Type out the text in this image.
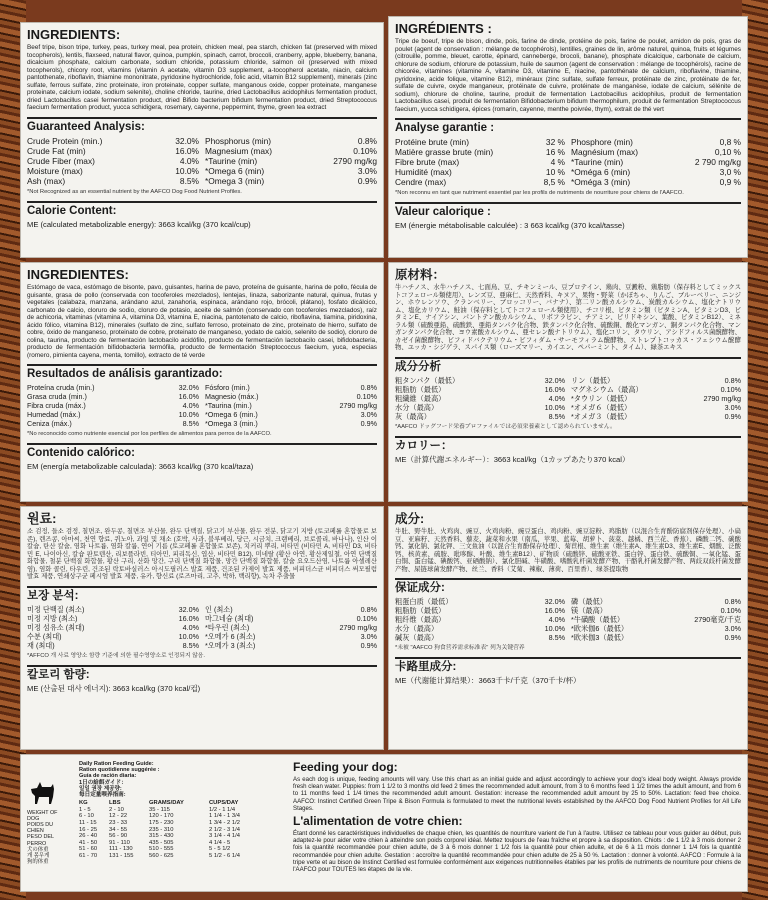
INGREDIENTS:
Beef tripe, bison tripe, turkey, peas, turkey meal, pea protein, chicken meal, pea starch, chicken fat (preserved with mixed tocopherols), lentils, flaxseed, natural flavor, quinoa, pumpkin, spinach, carrot, broccoli, cranberry, apple, blueberry, banana, dicalcium phosphate, calcium carbonate, sodium chloride, potassium chloride, salmon oil (preserved with mixed tocopherols), chicory root, vitamins (vitamin A acetate, vitamin D3 supplement, a-tocopherol acetate, niacin, calcium pantothenate, riboflavin, thiamine mononitrate, pyridoxine hydrochloride, folic acid, vitamin B12 supplement), minerals (zinc sulfate, ferrous sulfate, zinc proteinate, iron proteinate, copper sulfate, manganous oxide, copper proteinate, manganese proteinate, calcium iodate, sodium selenite), choline chloride, taurine, dried Lactobacillus acidophilus fermentation product, dried Lactobacillus casei fermentation product, dried Bifido bacterium bifidum fermentation product, dried Streptococcus faecium fermentation product, yucca schidigera, rosemary, cayenne, peppermint, thyme, green tea extract
Guaranteed Analysis:
Crude Protein (min.)	32.0%
Crude Fat (min)	16.0%
Crude Fiber (max)	4.0%
Moisture (max)	10.0%
Ash (max)	8.5%
Phosphorus (min)	0.8%
Magnesium (max)	0.10%
*Taurine (min)	2790 mg/kg
*Omega 6 (min)	3.0%
*Omega 3 (min)	0.9%
*Not Recognized as an essential nutrient by the AAFCO Dog Food Nutrient Profiles.
Calorie Content:
ME (calculated metabolizable energy): 3663 kcal/kg (370 kcal/cup)
INGRÉDIENTS :
Tripe de boeuf, tripe de bison, dinde, pois, farine de dinde, protéine de pois, farine de poulet, amidon de pois, gras de poulet (agent de conservation : mélange de tocophérols), lentilles, graines de lin, arôme naturel, quinoa, fruits et légumes (citrouille, pomme, bleuet, carotte, épinard, canneberge, brocoli, banane), phosphate dicalcique, carbonate de calcium, chlorure de sodium, chlorure de potassium, huile de saumon (agent de conservation : mélange de tocophérols), racine de chicorée, vitamines (vitamine A, vitamine D3, vitamine E, niacine, pantothénate de calcium, riboflavine, thiamine, pyridoxine, acide folique, vitamine B12), minéraux (zinc sulfate, sulfate ferreux, protéinate de zinc, protéinate de fer, sulfate de cuivre, oxyde manganeux, protéinate de cuivre, protéinate de manganèse, iodate de calcium, sélénite de sodium), chlorure de choline, taurine, produit de fermentation Lactobacillus acidophilus, produit de fermentation Lactobacillus casei, produit de fermentation Bifidobacterium bifidum thermophilum, produit de fermentation Streptococcus faecium, yucca schidigera, épices (romarin, cayenne, menthe poivrée, thym), extrait de thé vert
Analyse garantie :
Protéine brute (min)	32 %
Matière grasse brute (min)	16 %
Fibre brute (max)	4 %
Humidité (max)	10 %
Cendre (max)	8,5 %
Phosphore (min)	0,8 %
Magnésium (max)	0,10 %
*Taurine (min)	2 790 mg/kg
*Oméga 6 (min)	3,0 %
*Oméga 3 (min)	0,9 %
*Non reconnu en tant que nutriment essentiel par les profils de nutriments de nourriture pour chiens de l'AAFCO.
Valeur calorique :
EM (énergie métabolisable calculée) : 3 663 kcal/kg (370 kcal/tasse)
INGREDIENTES:
Estómago de vaca, estómago de bisonte, pavo, guisantes, harina de pavo, proteína de guisante, harina de pollo, fécula de guisante, grasa de pollo (conservada con tocoferoles mezclados), lentejas, linaza, saborizante natural, quinua, frutas y vegetales (calabaza, manzana, arándano azul, zanahoria, espinaca, arándano rojo, brócoli, plátano), fosfato dicálcico, carbonato de calcio, cloruro de sodio, cloruro de potasio, aceite de salmón (conservado con tocoferoles mezclados), raíz de achicoria, vitaminas (vitamina A, vitamina D3, vitamina E, niacina, pantotenato de calcio, riboflavina, tiamina, piridoxina, ácido fólico, vitamina B12), minerales (sulfato de zinc, sulfato ferroso, proteinato de zinc, proteinato de hierro, sulfato de cobre, óxido de manganeso, proteinato de cobre, proteinato de manganeso, yodato de calcio, selenito de sodio), cloruro de colina, taurina, producto de fermentación lactobacilo acidófilo, producto de fermentación lactobacilo casei, bifidobacteria, producto de fermentación bifidobacteria termófila, producto de fermentación Streptococcus faecium, yuca, especias (romero, pimienta cayena, menta, tomillo), extracto de té verde
Resultados de análisis garantizado:
Proteína cruda (min.)	32.0%
Grasa cruda (min.)	16.0%
Fibra cruda (máx.)	4.0%
Humedad (máx.)	10.0%
Ceniza (máx.)	8.5%
Fósforo (min.)	0.8%
Magnesio (máx.)	0.10%
*Taurina (min.)	2790 mg/kg
*Omega 6 (min.)	3.0%
*Omega 3 (min.)	0.9%
*No reconocido como nutriente esencial por los perfiles de alimentos para perros de la AAFCO.
Contenido calórico:
EM (energía metabolizable calculada): 3663 kcal/kg (370 kcal/taza)
原材料：
牛ハチノス、水牛ハチノス、七面鳥、豆、チキンミール、豆プロテイン、鶏肉、豆澱粉、鶏脂肪（保存料としてミックストコフェロール類使用）、レンズ豆、亜麻仁、天然香料、キヌア、果物・野菜（かぼちゃ、りんご、ブルーベリー、ニンジン、ホウレンソウ、クランベリー、ブロッコリー、バナナ）、第二リン酸カルシウム、炭酸カルシウム、塩化ナトリウム、塩化カリウム、鮭油（保存料としてトコフェロール類使用）、チコリ根、ビタミン類（ビタミンA、ビタミンD3、ビタミンE、ナイアシン、パントテン酸カルシウム、リボフラビン、チアミン、ピリドキシン、葉酸、ビタミンB12）、ミネラル類（硫酸亜鉛、硫酸鉄、亜鉛タンパク化合物、鉄タンパク化合物、硫酸銅、酸化マンガン、銅タンパク化合物、マンガンタンパク化合物、ヨウ素酸カルシウム、亜セレン酸ナトリウム）、塩化コリン、タウリン、アシドフィルス菌醗酵物、カゼイ菌醗酵物、ビフィドバクテリウム・ビフィダム・サーモフィラム醗酵物、ストレプトコッカス・フェシウム醗酵物、ユッカ・シジゲラ、スパイス類（ローズマリー、カイエン、ペパーミント、タイム）、緑茶エキス
成分分析
粗タンパク（最低）	32.0%
粗脂肪（最低）	16.0%
粗繊維（最高）	4.0%
水分（最高）	10.0%
灰（最高）	8.5%
リン（最低）	0.8%
マグネシウム（最高）	0.10%
*タウリン（最低）	2790 mg/kg
*オメガ６（最低）	3.0%
*オメガ３（最低）	0.9%
*AAFCO ドッグフード栄養プロファイルでは必須栄養素として認められていません。
カロリー：
ME（計算代謝エネルギー）：3663 kcal/kg（1カップあたり370 kcal）
원료:
소 검정, 들소 검정, 칠면조, 완두콩, 칠면조 부산물, 완두 단백질, 닭고기 부산물, 완두 전분, 닭고기 지방 (토코페롤 혼합물로 보존), 렌즈콩, 아마씨, 천연 향료, 퀴노아, 과일 및 채소 (호박, 사과, 블루베리, 당근, 시금치, 크랜베리, 브로콜리, 바나나), 인산 이칼슘, 탄산 칼슘, 염화 나트륨, 염화 칼륨, 연어 기름 (토코페롤 혼합물로 보존), 치커리 뿌리, 비타민 (비타민 A, 비타민 D3, 비타민 E, 나이아신, 칼슘 판토텐산, 리보플라빈, 티아민, 피리독신, 엽산, 비타민 B12), 미네랄 (황산 아연, 황산제일철, 아연 단백질 화합물, 철분 단백질 화합물, 황산 구리, 산화 망간, 구리 단백질 화합물, 망간 단백질 화합물, 칼슘 요오드산염, 나트륨 아셀레산염), 염화 콜린, 타우린, 건조된 락토바실러스 아시도필러스 발효 제품, 건조된 카제이 발효 제품, 비피더스균 비피더스 써모필럼 발효 제품, 연쇄상구균 페시엄 발효 제품, 유카, 향신료 (로즈마리, 고추, 박하, 백리향), 녹차 추출물
보장 분석:
미정 단백질 (최소)	32.0%
미정 지방 (최소)	16.0%
미정 섬유소 (최대)	4.0%
수분 (최대)	10.0%
재 (최대)	8.5%
인 (최소)	0.8%
마그네슘 (최대)	0.10%
*타우린 (최소)	2790 mg/kg
*오메가 6 (최소)	3.0%
*오메가 3 (최소)	0.9%
*AFFCO 개 사료 영양소 함량 기준에 의한 필수영양소로 인정되지 않음.
칼로리 함량:
ME (산출된 대사 에너지): 3663 kcal/kg (370 kcal/컵)
成分:
牛肚、野牛肚、火鸡肉、豌豆、火鸡肉粉、豌豆蛋白、鸡肉粉、豌豆淀粉、鸡脂肪（以混合生育酚防腐剂保存处理）、小扁豆、亚麻籽、天然香料、藜麦、蔬菜和水果（南瓜、苹果、蓝莓、胡萝卜、菠菜、越橘、西兰花、香蕉）、磷酸二钙、碳酸钙、氯化钠、氯化钾、三文鱼油（以混合生育酚保存处理）、菊苣根、维生素（维生素A、维生素D3、维生素E、烟酸、泛酸钙、核黄素、硫胺、吡哆醇、叶酸、维生素B12）、矿物质（硫酸锌、硫酸亚铁、蛋白锌、蛋白铁、硫酸铜、一氧化锰、蛋白铜、蛋白锰、碘酸钙、亚硒酸钠）、氯化胆碱、牛磺酸、嗜酸乳杆菌发酵产物、干酪乳杆菌发酵产物、两歧双歧杆菌发酵产物、屎链球菌发酵产物、丝兰、香料（艾菊、辣椒、薄荷、百里香）、绿茶提取物
保证成分:
粗蛋白质（最低）	32.0%
粗脂肪（最低）	16.0%
粗纤维（最高）	4.0%
水分（最高）	10.0%
碱灰（最高）	8.5%
磷（最低）	0.8%
镁（最高）	0.10%
*牛磺酸（最低）	2790毫克/千克
*欧米伽6（最低）	3.0%
*欧米伽3（最低）	0.9%
*未被 "AAFCO 狗食营养需求标准表" 列为关键营养
卡路里成分:
ME（代谢能计算结果）：3663千卡/千克（370千卡/杯）
WEIGHT OF DOG
POIDS DU CHIEN
PESO DEL PERRO
犬の体重
개 몸무게
狗的体重
Daily Ration Feeding Guide:
Ration quotidienne suggérée :
Guía de ración diaria:
1日の給餌ガイド：
일일 권장 제공량:
每日定量喂养指南:
KG	LBS	GRAMS/DAY	CUPS/DAY
1 - 5	2 - 10	35 - 115	1/2 - 1 1/4
6 - 10	12 - 22	120 - 170	1 1/4 - 1 3/4
11 - 15	23 - 33	175 - 230	1 3/4 - 2 1/2
16 - 25	34 - 55	235 - 310	2 1/2 - 3 1/4
26 - 40	56 - 90	315 - 430	3 1/4 - 4 1/4
41 - 50	91 - 110	435 - 505	4 1/4 - 5
51 - 60	111 - 130	510 - 555	5 - 5 1/2
61 - 70	131 - 155	560 - 625	5 1/2 - 6 1/4
Feeding your dog:
As each dog is unique, feeding amounts will vary. Use this chart as an initial guide and adjust accordingly to achieve your dog's ideal body weight. Always provide fresh clean water. Puppies: from 1 1/2 to 3 months old feed 2 times the recommended adult amount, from 3 to 6 months feed 1 1/2 times the adult amount, and from 6 to 11 months feed 1 1/4 times the recommended adult amount. Gestation: increase the recommended adult amount by 25 to 50%. Lactation: feed free choice. AAFCO: Instinct Certified Green Tripe & Bison Formula is formulated to meet the nutritional levels established by the AAFCO Dog Food Nutrient Profiles for All Life Stages.
L'alimentation de votre chien:
Étant donné les caractéristiques individuelles de chaque chien, les quantités de nourriture varient de l'un à l'autre. Utilisez ce tableau pour vous guider au début, puis adaptez-le pour aider votre chien à atteindre son poids corporel idéal. Mettez toujours de l'eau fraîche et propre à sa disposition. Chiots : de 1 1/2 à 3 mois donner 2 fois la quantité recommandée pour chien adulte, de 3 à 6 mois donner 1 1/2 fois la quantité pour chien adulte, et de 6 à 11 mois donner 1 1/4 fois la quantité recommandée pour chien adulte. Gestation : accroître la quantité recommandée pour chien adulte de 25 à 50 %. Lactation : donner à volonté. AAFCO : Formule à la tripe verte et au bison de Instinct Certified est formulée conformément aux exigences nutritionnelles établies par les profils de nutriments de nourriture pour chiens de l'AAFCO pour TOUTES les étapes de la vie.
